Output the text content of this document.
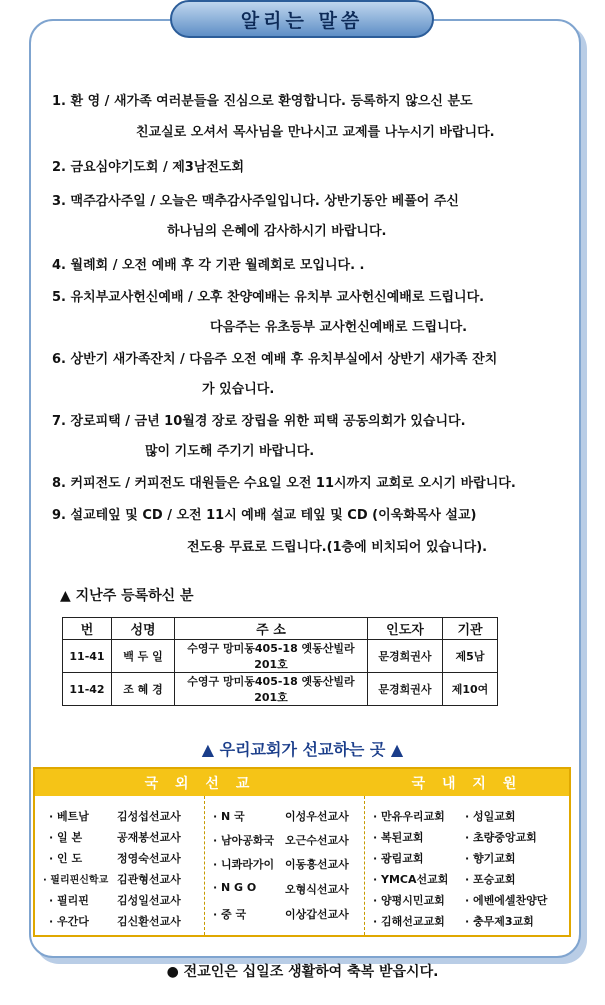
알리는 말씀
1. 환 영 / 새가족 여러분들을 진심으로 환영합니다. 등록하지 않으신 분도
친교실로 오셔서 목사님을 만나시고 교제를 나누시기 바랍니다.
2. 금요심야기도회 / 제3남전도회
3. 맥주감사주일 / 오늘은 맥추감사주일입니다. 상반기동안 베풀어 주신
하나님의 은혜에 감사하시기 바랍니다.
4. 월례회 / 오전 예배 후 각 기관 월례회로 모입니다. .
5. 유치부교사헌신예배 / 오후 찬양예배는 유치부 교사헌신예배로 드립니다.
다음주는 유초등부 교사헌신예배로 드립니다.
6. 상반기 새가족잔치 / 다음주 오전 예배 후 유치부실에서 상반기 새가족 잔치
가 있습니다.
7. 장로피택 / 금년 10월경 장로 장립을 위한 피택 공동의회가 있습니다.
많이 기도해 주기기 바랍니다.
8. 커피전도 / 커피전도 대원들은 수요일 오전 11시까지 교회로 오시기 바랍니다.
9. 설교테잎 및 CD / 오전 11시 예배 설교 테잎 및 CD (이욱화목사 설교)
전도용 무료로 드립니다.(1층에 비치되어 있습니다).
▲ 지난주 등록하신 분
번	성명	주 소	인도자	기관
11-41	백 두 일	수영구 망미동405-18 옛동산빌라 201호	문경희권사	제5남
11-42	조 혜 경	수영구 망미동405-18 옛동산빌라 201호	문경희권사	제10여
▲ 우리교회가 선교하는 곳 ▲
국 외 선 교	국 내 지 원
· 베트남	김성섭선교사
· 일 본	공재봉선교사
· 인 도	정영숙선교사
· 필리핀신학교 김관형선교사
· 필리핀	김성일선교사
· 우간다	김신환선교사
· N 국	이성우선교사
· 남아공화국 오근수선교사
· 니콰라가이 이동흥선교사
· N G O	오형식선교사
· 중 국	이상갑선교사
· 만유우리교회 · 성일교회
· 복된교회	· 초량중앙교회
· 광림교회	· 향기교회
· YMCA선교회 · 포승교회
· 양평시민교회 · 에벤에셀찬양단
· 김해선교교회 · 충무제3교회
● 전교인은 십일조 생활하여 축복 받읍시다.
